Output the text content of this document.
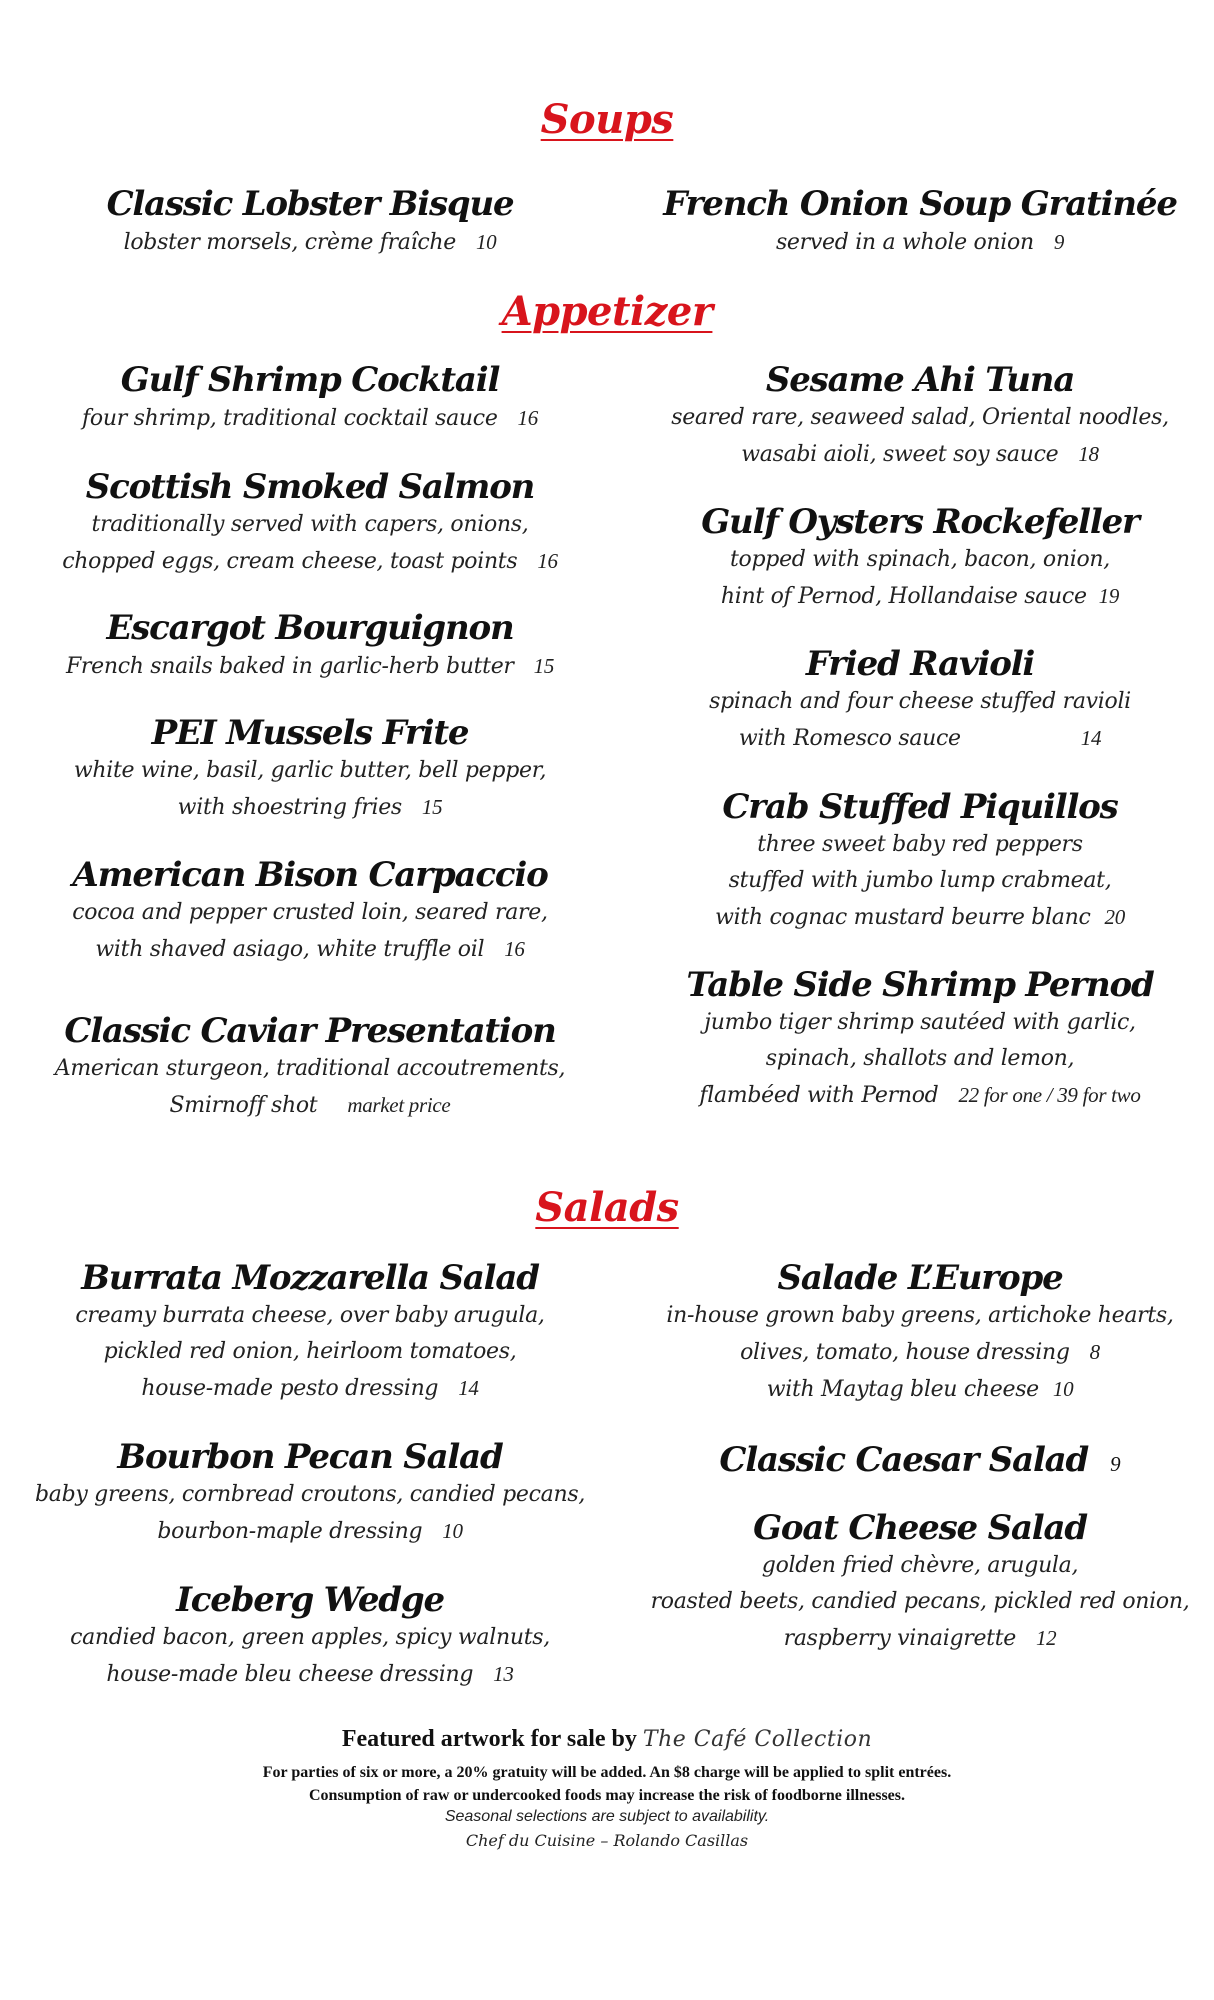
Soups
Classic Lobster Bisque
lobster morsels, crème fraîche 10
French Onion Soup Gratinée
served in a whole onion 9
Appetizer
Gulf Shrimp Cocktail
four shrimp, traditional cocktail sauce 16
Scottish Smoked Salmon
traditionally served with capers, onions,
chopped eggs, cream cheese, toast points 16
Escargot Bourguignon
French snails baked in garlic-herb butter 15
PEI Mussels Frite
white wine, basil, garlic butter, bell pepper,
with shoestring fries 15
American Bison Carpaccio
cocoa and pepper crusted loin, seared rare,
with shaved asiago, white truffle oil 16
Classic Caviar Presentation
American sturgeon, traditional accoutrements,
Smirnoff shot market price
Sesame Ahi Tuna
seared rare, seaweed salad, Oriental noodles,
wasabi aioli, sweet soy sauce 18
Gulf Oysters Rockefeller
topped with spinach, bacon, onion,
hint of Pernod, Hollandaise sauce 19
Fried Ravioli
spinach and four cheese stuffed ravioli
with Romesco sauce	14
Crab Stuffed Piquillos
three sweet baby red peppers
stuffed with jumbo lump crabmeat,
with cognac mustard beurre blanc 20
Table Side Shrimp Pernod
jumbo tiger shrimp sautéed with garlic,
spinach, shallots and lemon,
flambéed with Pernod 22 for one / 39 for two
Salads
Burrata Mozzarella Salad
creamy burrata cheese, over baby arugula,
pickled red onion, heirloom tomatoes,
house-made pesto dressing 14
Bourbon Pecan Salad
baby greens, cornbread croutons, candied pecans,
bourbon-maple dressing 10
Iceberg Wedge
candied bacon, green apples, spicy walnuts,
house-made bleu cheese dressing 13
Salade L’Europe
in-house grown baby greens, artichoke hearts,
olives, tomato, house dressing 8
with Maytag bleu cheese 10
Classic Caesar Salad 9
Goat Cheese Salad
golden fried chèvre, arugula,
roasted beets, candied pecans, pickled red onion,
raspberry vinaigrette 12
Featured artwork for sale by The Café Collection
For parties of six or more, a 20% gratuity will be added. An $8 charge will be applied to split entrées.
Consumption of raw or undercooked foods may increase the risk of foodborne illnesses.
Seasonal selections are subject to availability.
Chef du Cuisine – Rolando Casillas
